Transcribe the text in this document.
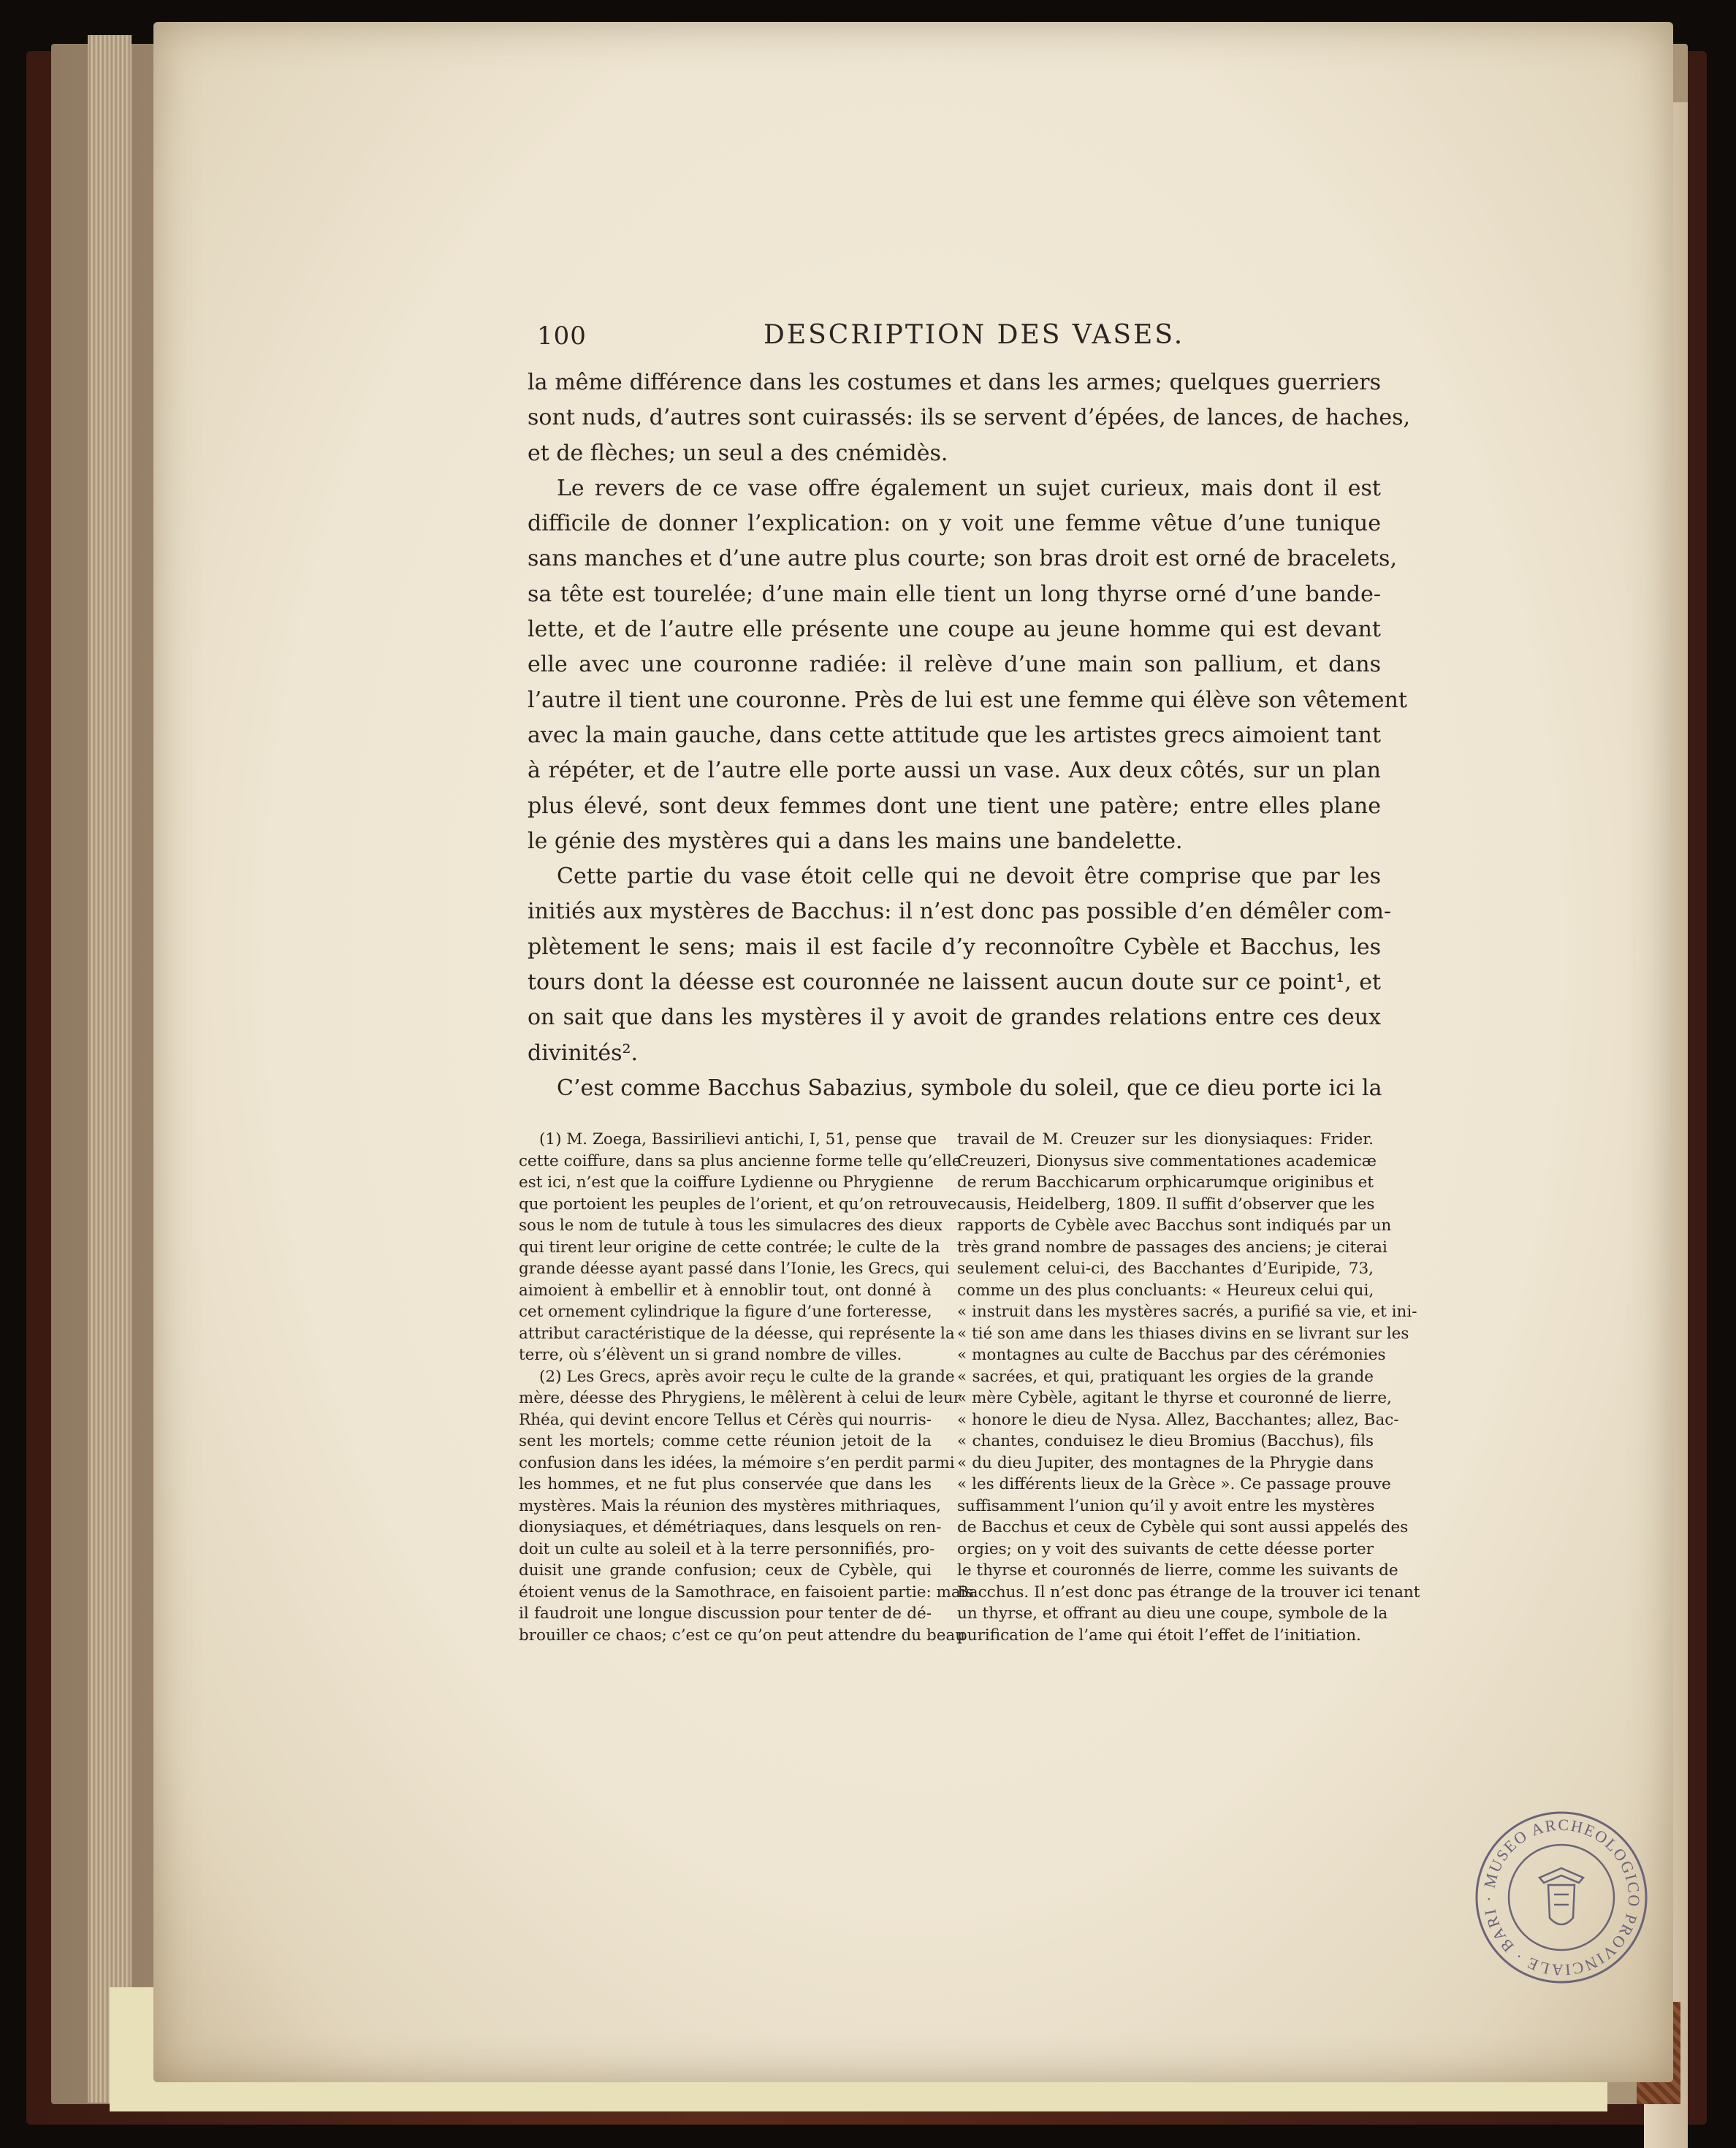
100	DESCRIPTION DES VASES.
la même différence dans les costumes et dans les armes; quelques guerriers
sont nuds, d’autres sont cuirassés: ils se servent d’épées, de lances, de haches,
et de flèches; un seul a des cnémidès.
Le revers de ce vase offre également un sujet curieux, mais dont il est
difficile de donner l’explication: on y voit une femme vêtue d’une tunique
sans manches et d’une autre plus courte; son bras droit est orné de bracelets,
sa tête est tourelée; d’une main elle tient un long thyrse orné d’une bande-
lette, et de l’autre elle présente une coupe au jeune homme qui est devant
elle avec une couronne radiée: il relève d’une main son pallium, et dans
l’autre il tient une couronne. Près de lui est une femme qui élève son vêtement
avec la main gauche, dans cette attitude que les artistes grecs aimoient tant
à répéter, et de l’autre elle porte aussi un vase. Aux deux côtés, sur un plan
plus élevé, sont deux femmes dont une tient une patère; entre elles plane
le génie des mystères qui a dans les mains une bandelette.
Cette partie du vase étoit celle qui ne devoit être comprise que par les
initiés aux mystères de Bacchus: il n’est donc pas possible d’en démêler com-
plètement le sens; mais il est facile d’y reconnoître Cybèle et Bacchus, les
tours dont la déesse est couronnée ne laissent aucun doute sur ce point¹, et
on sait que dans les mystères il y avoit de grandes relations entre ces deux
divinités².
C’est comme Bacchus Sabazius, symbole du soleil, que ce dieu porte ici la
(1) M. Zoega, Bassirilievi antichi, I, 51, pense que
cette coiffure, dans sa plus ancienne forme telle qu’elle
est ici, n’est que la coiffure Lydienne ou Phrygienne
que portoient les peuples de l’orient, et qu’on retrouve
sous le nom de tutule à tous les simulacres des dieux
qui tirent leur origine de cette contrée; le culte de la
grande déesse ayant passé dans l’Ionie, les Grecs, qui
aimoient à embellir et à ennoblir tout, ont donné à
cet ornement cylindrique la figure d’une forteresse,
attribut caractéristique de la déesse, qui représente la
terre, où s’élèvent un si grand nombre de villes.
(2) Les Grecs, après avoir reçu le culte de la grande
mère, déesse des Phrygiens, le mêlèrent à celui de leur
Rhéa, qui devint encore Tellus et Cérès qui nourris-
sent les mortels; comme cette réunion jetoit de la
confusion dans les idées, la mémoire s’en perdit parmi
les hommes, et ne fut plus conservée que dans les
mystères. Mais la réunion des mystères mithriaques,
dionysiaques, et démétriaques, dans lesquels on ren-
doit un culte au soleil et à la terre personnifiés, pro-
duisit une grande confusion; ceux de Cybèle, qui
étoient venus de la Samothrace, en faisoient partie: mais
il faudroit une longue discussion pour tenter de dé-
brouiller ce chaos; c’est ce qu’on peut attendre du beau
travail de M. Creuzer sur les dionysiaques: Frider.
Creuzeri, Dionysus sive commentationes academicæ
de rerum Bacchicarum orphicarumque originibus et
causis, Heidelberg, 1809. Il suffit d’observer que les
rapports de Cybèle avec Bacchus sont indiqués par un
très grand nombre de passages des anciens; je citerai
seulement celui-ci, des Bacchantes d’Euripide, 73,
comme un des plus concluants: « Heureux celui qui,
« instruit dans les mystères sacrés, a purifié sa vie, et ini-
« tié son ame dans les thiases divins en se livrant sur les
« montagnes au culte de Bacchus par des cérémonies
« sacrées, et qui, pratiquant les orgies de la grande
« mère Cybèle, agitant le thyrse et couronné de lierre,
« honore le dieu de Nysa. Allez, Bacchantes; allez, Bac-
« chantes, conduisez le dieu Bromius (Bacchus), fils
« du dieu Jupiter, des montagnes de la Phrygie dans
« les différents lieux de la Grèce ». Ce passage prouve
suffisamment l’union qu’il y avoit entre les mystères
de Bacchus et ceux de Cybèle qui sont aussi appelés des
orgies; on y voit des suivants de cette déesse porter
le thyrse et couronnés de lierre, comme les suivants de
Bacchus. Il n’est donc pas étrange de la trouver ici tenant
un thyrse, et offrant au dieu une coupe, symbole de la
purification de l’ame qui étoit l’effet de l’initiation.
MUSEO ARCHEOLOGICO PROVINCIALE · BARI ·
